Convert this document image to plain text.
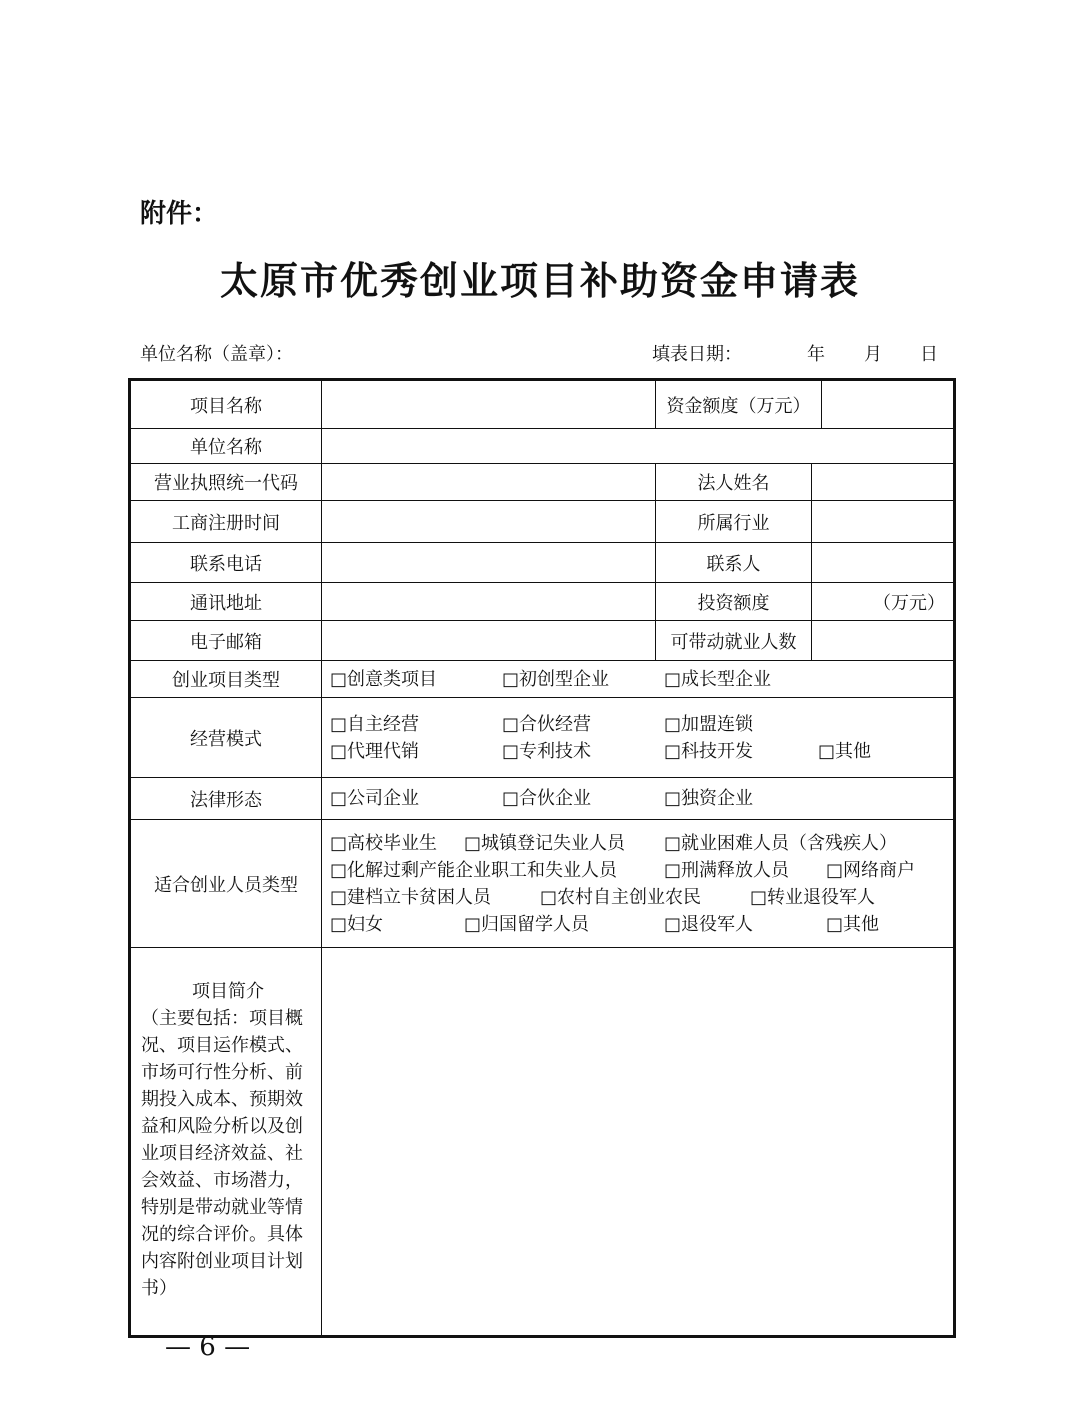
附件：
太原市优秀创业项目补助资金申请表
单位名称（盖章）：	填表日期：	年 月 日
项目名称		资金额度（万元）		
单位名称				
营业执照统一代码		法人姓名		
工商注册时间		所属行业		
联系电话		联系人		
通讯地址		投资额度	（万元）	
电子邮箱		可带动就业人数		
创业项目类型	□创意类项目 □初创型企业 □成长型企业			
经营模式	□自主经营 □合伙经营 □加盟连锁
□代理代销 □专利技术 □科技开发 □其他			

法律形态	□公司企业 □合伙企业 □独资企业			
适合创业人员类型	□高校毕业生 □城镇登记失业人员 □就业困难人员（含残疾人）
□化解过剩产能企业职工和失业人员 □刑满释放人员 □网络商户
□建档立卡贫困人员 □农村自主创业农民 □转业退役军人
□妇女 □归国留学人员 □退役军人 □其他			

项目简介
（主要包括：项目概况、项目运作模式、市场可行性分析、前期投入成本、预期效益和风险分析以及创业项目经济效益、社会效益、市场潜力，特别是带动就业等情况的综合评价。具体内容附创业项目计划书）				

— 6 —
